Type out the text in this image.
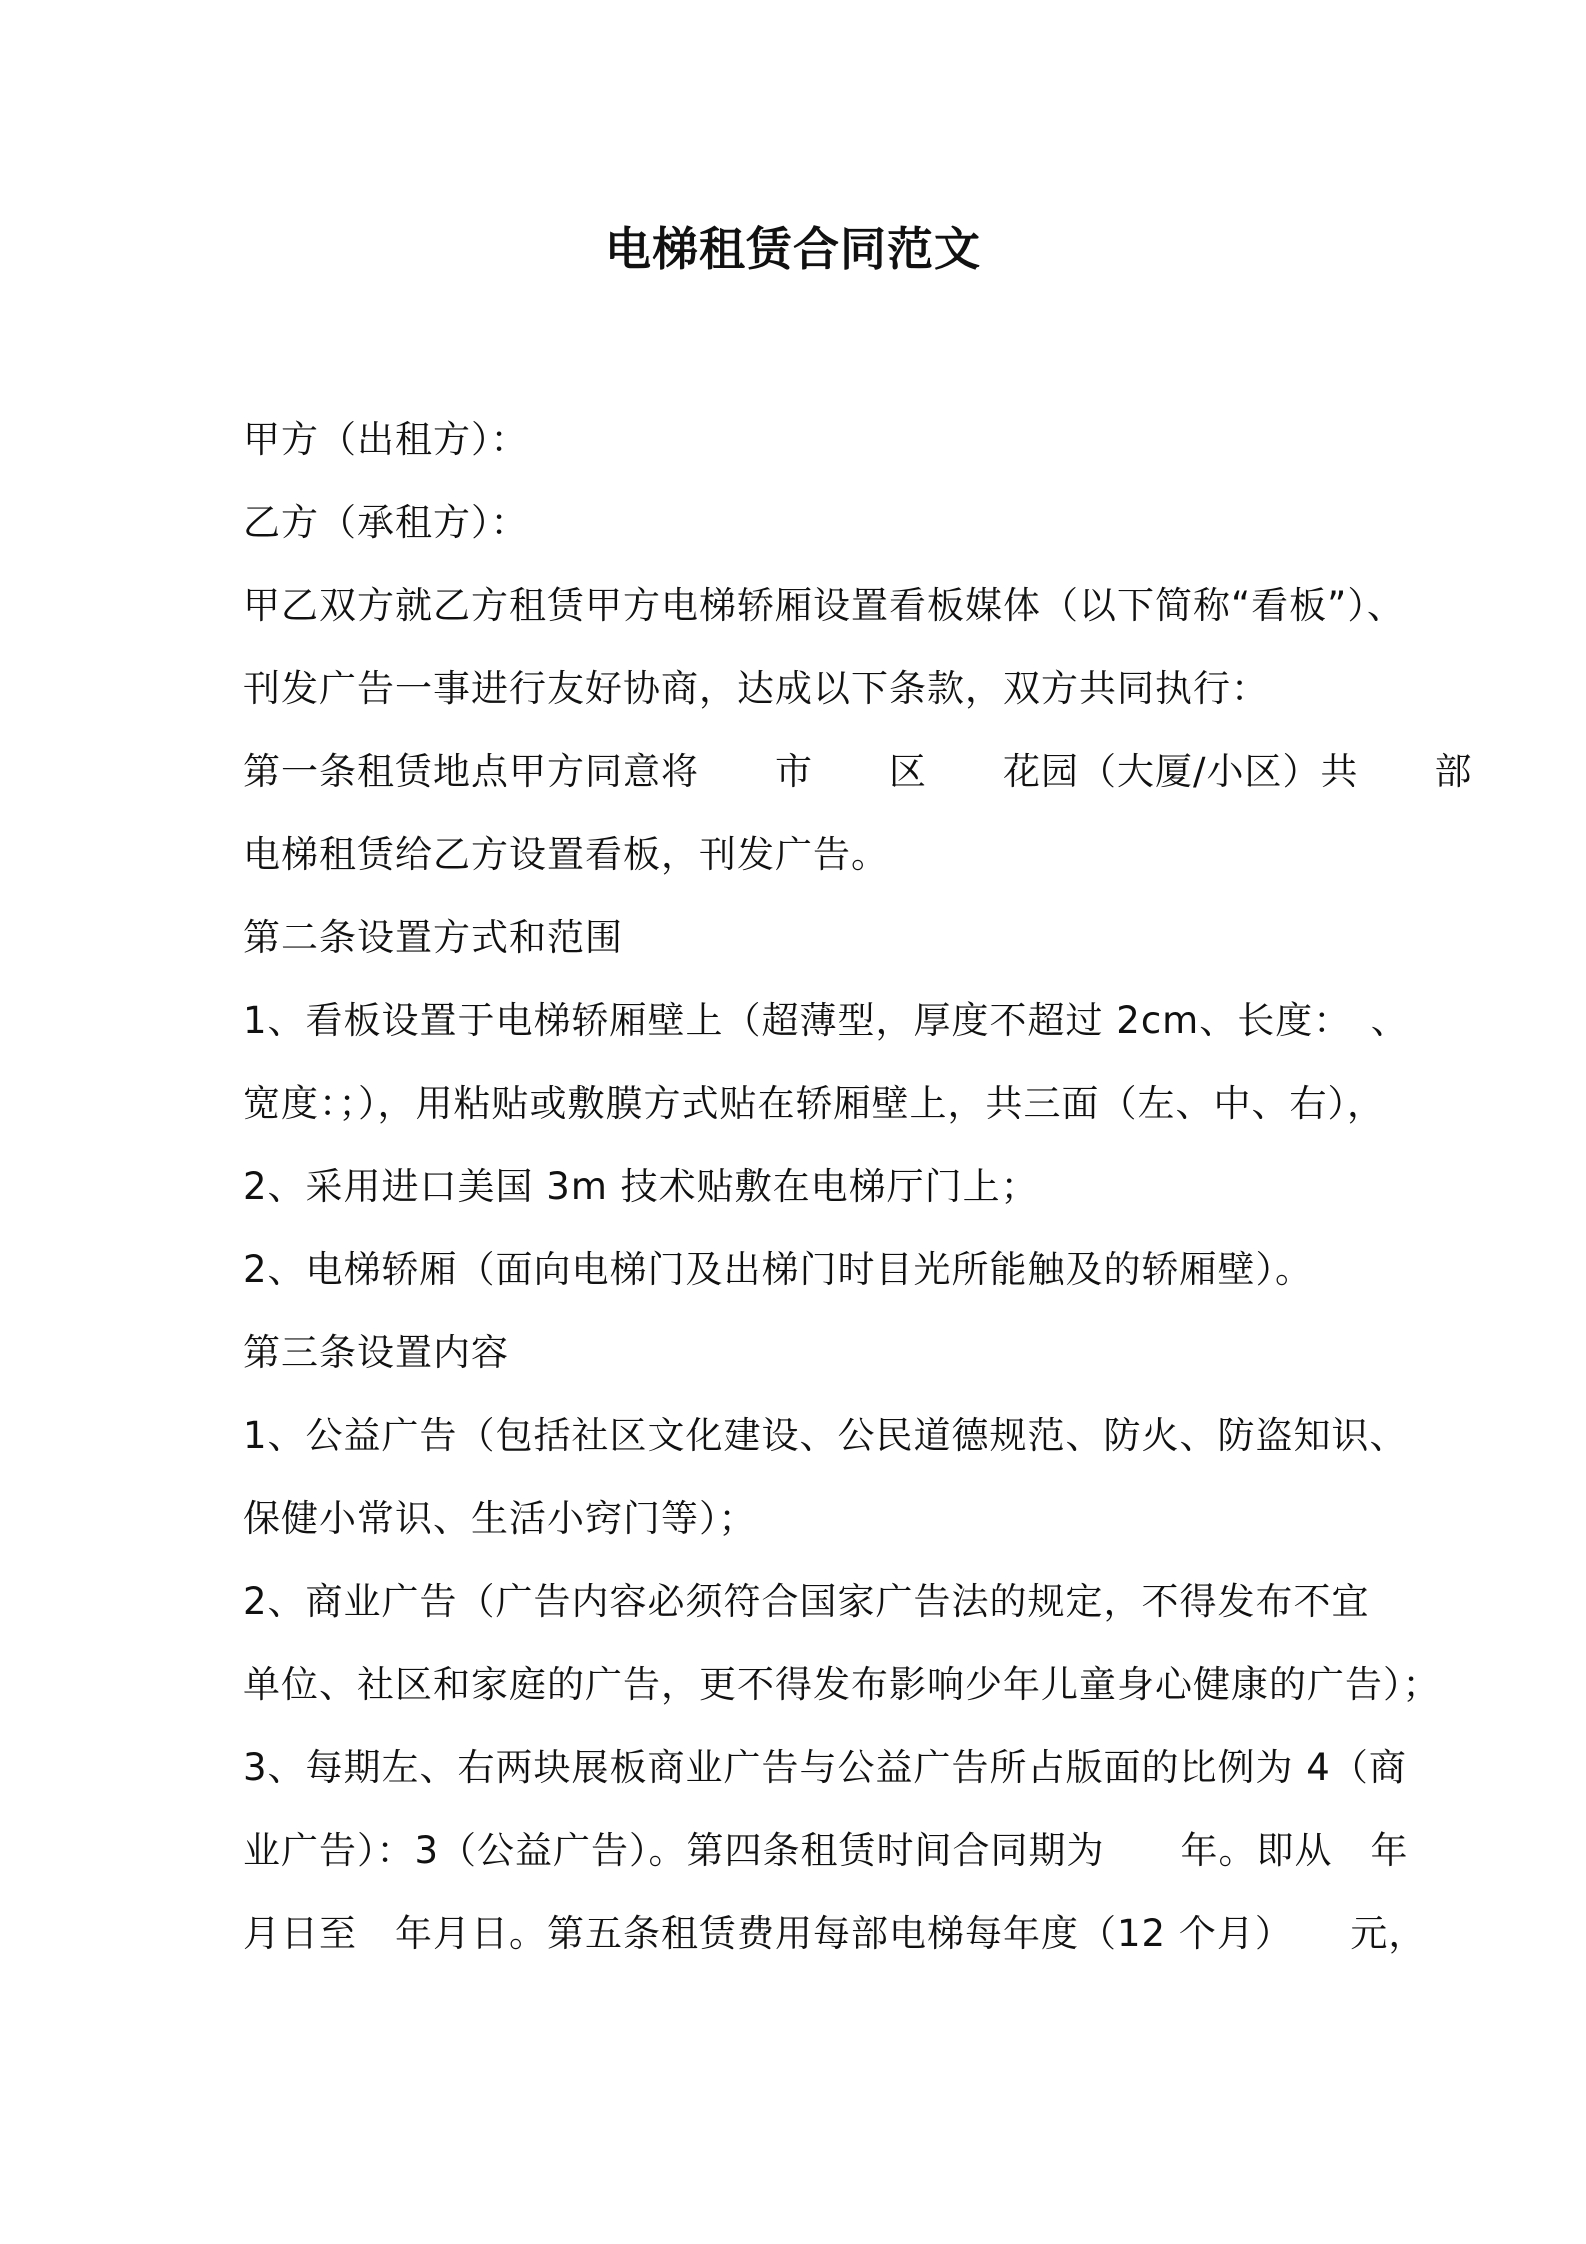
电梯租赁合同范文
甲方（出租方）：
乙方（承租方）：
甲乙双方就乙方租赁甲方电梯轿厢设置看板媒体（以下简称“看板”）、
刊发广告一事进行友好协商，达成以下条款，双方共同执行：
第一条租赁地点甲方同意将　　市　　区　　花园（大厦/小区）共　　部
电梯租赁给乙方设置看板，刊发广告。
第二条设置方式和范围
1、看板设置于电梯轿厢壁上（超薄型，厚度不超过 2cm、长度：　、
宽度：；），用粘贴或敷膜方式贴在轿厢壁上，共三面（左、中、右），
2、采用进口美国 3m 技术贴敷在电梯厅门上；
2、电梯轿厢（面向电梯门及出梯门时目光所能触及的轿厢壁）。
第三条设置内容
1、公益广告（包括社区文化建设、公民道德规范、防火、防盗知识、
保健小常识、生活小窍门等）；
2、商业广告（广告内容必须符合国家广告法的规定，不得发布不宜
单位、社区和家庭的广告，更不得发布影响少年儿童身心健康的广告）；
3、每期左、右两块展板商业广告与公益广告所占版面的比例为 4（商
业广告）：3（公益广告）。第四条租赁时间合同期为　　年。即从　年
月日至　年月日。第五条租赁费用每部电梯每年度（12 个月）　　元，
